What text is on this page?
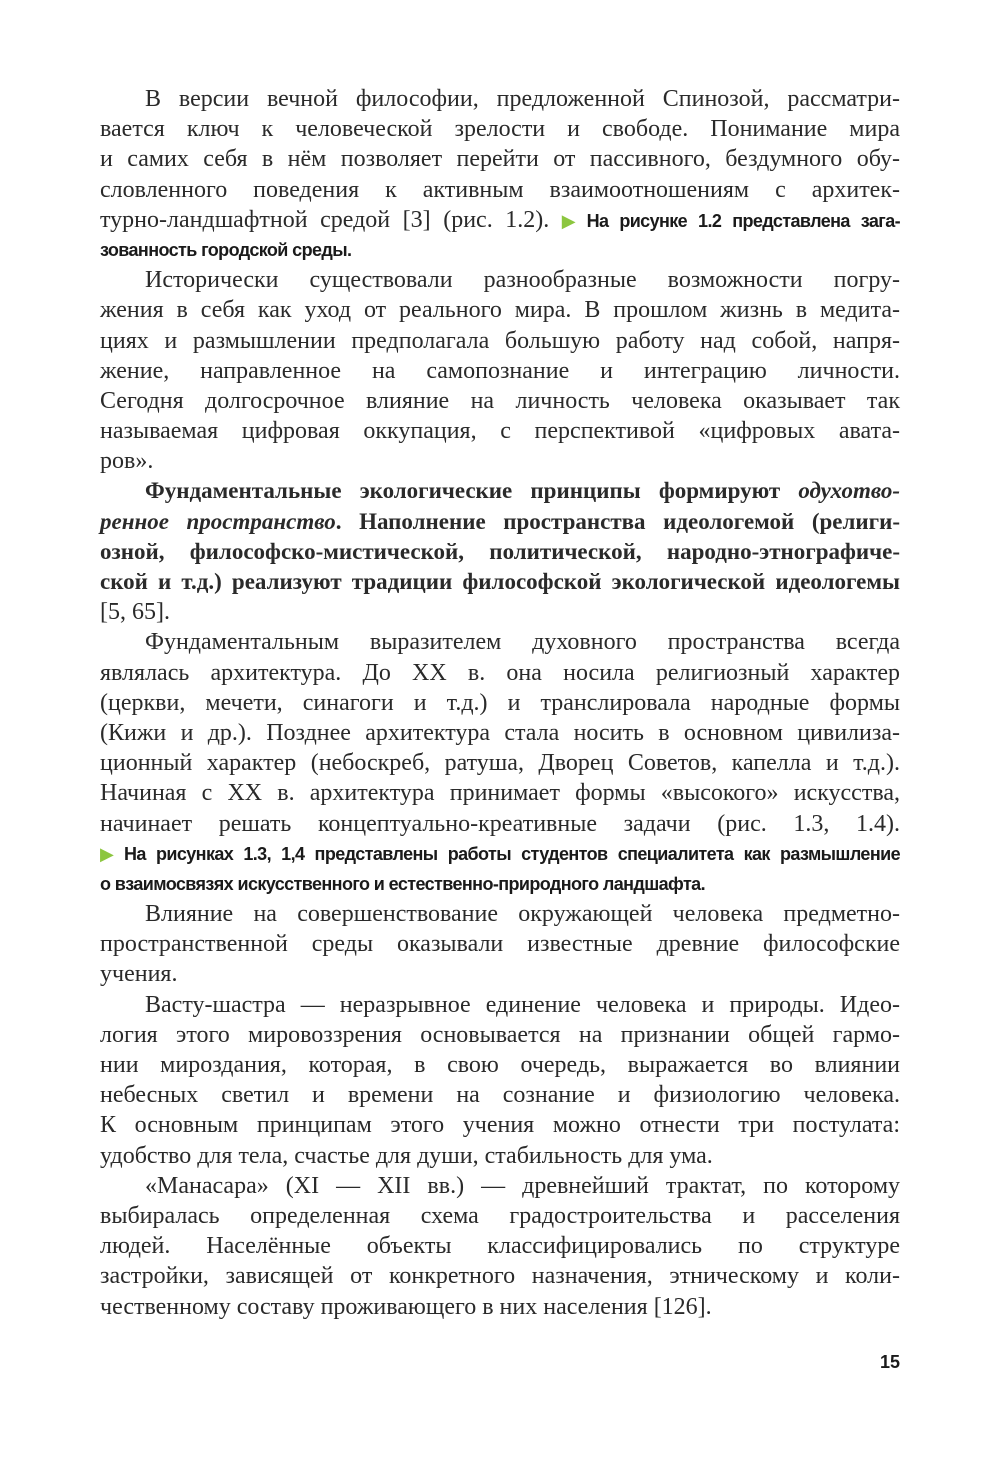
В версии вечной философии, предложенной Спинозой, рассматри-
вается ключ к человеческой зрелости и свободе. Понимание мира
и самих себя в нём позволяет перейти от пассивного, бездумного обу-
словленного поведения к активным взаимоотношениям с архитек-
турно-ландшафтной средой [3] (рис. 1.2). ▶ На рисунке 1.2 представлена зага-
зованность городской среды.
Исторически существовали разнообразные возможности погру-
жения в себя как уход от реального мира. В прошлом жизнь в медита-
циях и размышлении предполагала большую работу над собой, напря-
жение, направленное на самопознание и интеграцию личности.
Сегодня долгосрочное влияние на личность человека оказывает так
называемая цифровая оккупация, с перспективой «цифровых авата-
ров».
Фундаментальные экологические принципы формируют одухотво-
ренное пространство. Наполнение пространства идеологемой (религи-
озной, философско-мистической, политической, народно-этнографиче-
ской и т.д.) реализуют традиции философской экологической идеологемы
[5, 65].
Фундаментальным выразителем духовного пространства всегда
являлась архитектура. До XX в. она носила религиозный характер
(церкви, мечети, синагоги и т.д.) и транслировала народные формы
(Кижи и др.). Позднее архитектура стала носить в основном цивилиза-
ционный характер (небоскреб, ратуша, Дворец Советов, капелла и т.д.).
Начиная с XX в. архитектура принимает формы «высокого» искусства,
начинает решать концептуально-креативные задачи (рис. 1.3, 1.4).
▶ На рисунках 1.3, 1,4 представлены работы студентов специалитета как размышление
о взаимосвязях искусственного и естественно-природного ландшафта.
Влияние на совершенствование окружающей человека предметно-
пространственной среды оказывали известные древние философские
учения.
Васту-шастра — неразрывное единение человека и природы. Идео-
логия этого мировоззрения основывается на признании общей гармо-
нии мироздания, которая, в свою очередь, выражается во влиянии
небесных светил и времени на сознание и физиологию человека.
К основным принципам этого учения можно отнести три постулата:
удобство для тела, счастье для души, стабильность для ума.
«Манасара» (XI — XII вв.) — древнейший трактат, по которому
выбиралась определенная схема градостроительства и расселения
людей. Населённые объекты классифицировались по структуре
застройки, зависящей от конкретного назначения, этническому и коли-
чественному составу проживающего в них населения [126].
15
